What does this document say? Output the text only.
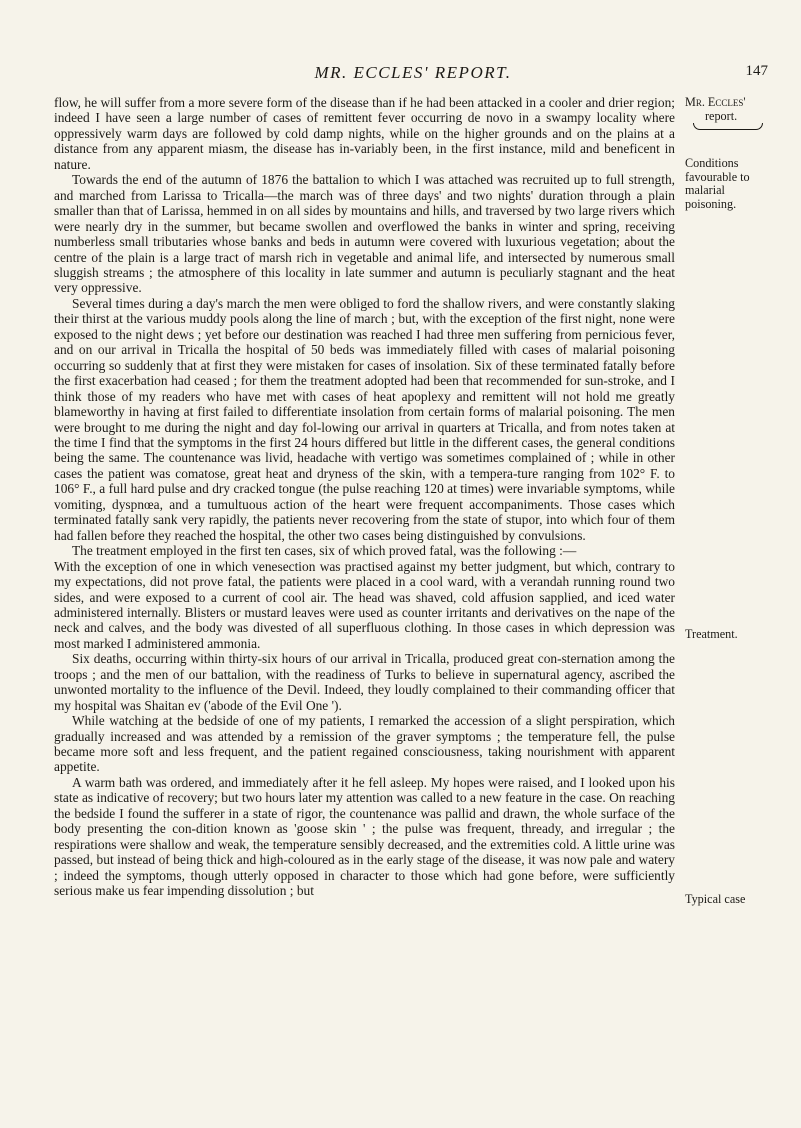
MR. ECCLES' REPORT.	147

flow, he will suffer from a more severe form of the disease than if he had been attacked in a cooler and drier region; indeed I have seen a large number of cases of remittent fever occurring de novo in a swampy locality where oppressively warm days are followed by cold damp nights, while on the higher grounds and on the plains at a distance from any apparent miasm, the disease has in-variably been, in the first instance, mild and beneficent in nature.

Towards the end of the autumn of 1876 the battalion to which I was attached was recruited up to full strength, and marched from Larissa to Tricalla—the march was of three days' and two nights' duration through a plain smaller than that of Larissa, hemmed in on all sides by mountains and hills, and traversed by two large rivers which were nearly dry in the summer, but became swollen and overflowed the banks in winter and spring, receiving numberless small tributaries whose banks and beds in autumn were covered with luxurious vegetation; about the centre of the plain is a large tract of marsh rich in vegetable and animal life, and intersected by numerous small sluggish streams ; the atmosphere of this locality in late summer and autumn is peculiarly stagnant and the heat very oppressive.

Several times during a day's march the men were obliged to ford the shallow rivers, and were constantly slaking their thirst at the various muddy pools along the line of march ; but, with the exception of the first night, none were exposed to the night dews ; yet before our destination was reached I had three men suffering from pernicious fever, and on our arrival in Tricalla the hospital of 50 beds was immediately filled with cases of malarial poisoning occurring so suddenly that at first they were mistaken for cases of insolation. Six of these terminated fatally before the first exacerbation had ceased ; for them the treatment adopted had been that recommended for sun-stroke, and I think those of my readers who have met with cases of heat apoplexy and remittent will not hold me greatly blameworthy in having at first failed to differentiate insolation from certain forms of malarial poisoning. The men were brought to me during the night and day fol-lowing our arrival in quarters at Tricalla, and from notes taken at the time I find that the symptoms in the first 24 hours differed but little in the different cases, the general conditions being the same. The countenance was livid, headache with vertigo was sometimes complained of ; while in other cases the patient was comatose, great heat and dryness of the skin, with a tempera-ture ranging from 102° F. to 106° F., a full hard pulse and dry cracked tongue (the pulse reaching 120 at times) were invariable symptoms, while vomiting, dyspnœa, and a tumultuous action of the heart were frequent accompaniments. Those cases which terminated fatally sank very rapidly, the patients never recovering from the state of stupor, into which four of them had fallen before they reached the hospital, the other two cases being distinguished by convulsions.

The treatment employed in the first ten cases, six of which proved fatal, was the following :—

With the exception of one in which venesection was practised against my better judgment, but which, contrary to my expectations, did not prove fatal, the patients were placed in a cool ward, with a verandah running round two sides, and were exposed to a current of cool air. The head was shaved, cold affusion sapplied, and iced water administered internally. Blisters or mustard leaves were used as counter irritants and derivatives on the nape of the neck and calves, and the body was divested of all superfluous clothing. In those cases in which depression was most marked I administered ammonia.

Six deaths, occurring within thirty-six hours of our arrival in Tricalla, produced great con-sternation among the troops ; and the men of our battalion, with the readiness of Turks to believe in supernatural agency, ascribed the unwonted mortality to the influence of the Devil. Indeed, they loudly complained to their commanding officer that my hospital was Shaitan ev ('abode of the Evil One ').

While watching at the bedside of one of my patients, I remarked the accession of a slight perspiration, which gradually increased and was attended by a remission of the graver symptoms ; the temperature fell, the pulse became more soft and less frequent, and the patient regained consciousness, taking nourishment with apparent appetite.

A warm bath was ordered, and immediately after it he fell asleep. My hopes were raised, and I looked upon his state as indicative of recovery; but two hours later my attention was called to a new feature in the case. On reaching the bedside I found the sufferer in a state of rigor, the countenance was pallid and drawn, the whole surface of the body presenting the con-dition known as 'goose skin ' ; the pulse was frequent, thready, and irregular ; the respirations were shallow and weak, the temperature sensibly decreased, and the extremities cold. A little urine was passed, but instead of being thick and high-coloured as in the early stage of the disease, it was now pale and watery ; indeed the symptoms, though utterly opposed in character to those which had gone before, were sufficiently serious make us fear impending dissolution ; but

Mr. Eccles'
report.
Conditions
favourable to
malarial
poisoning.
Treatment.
Typical case
